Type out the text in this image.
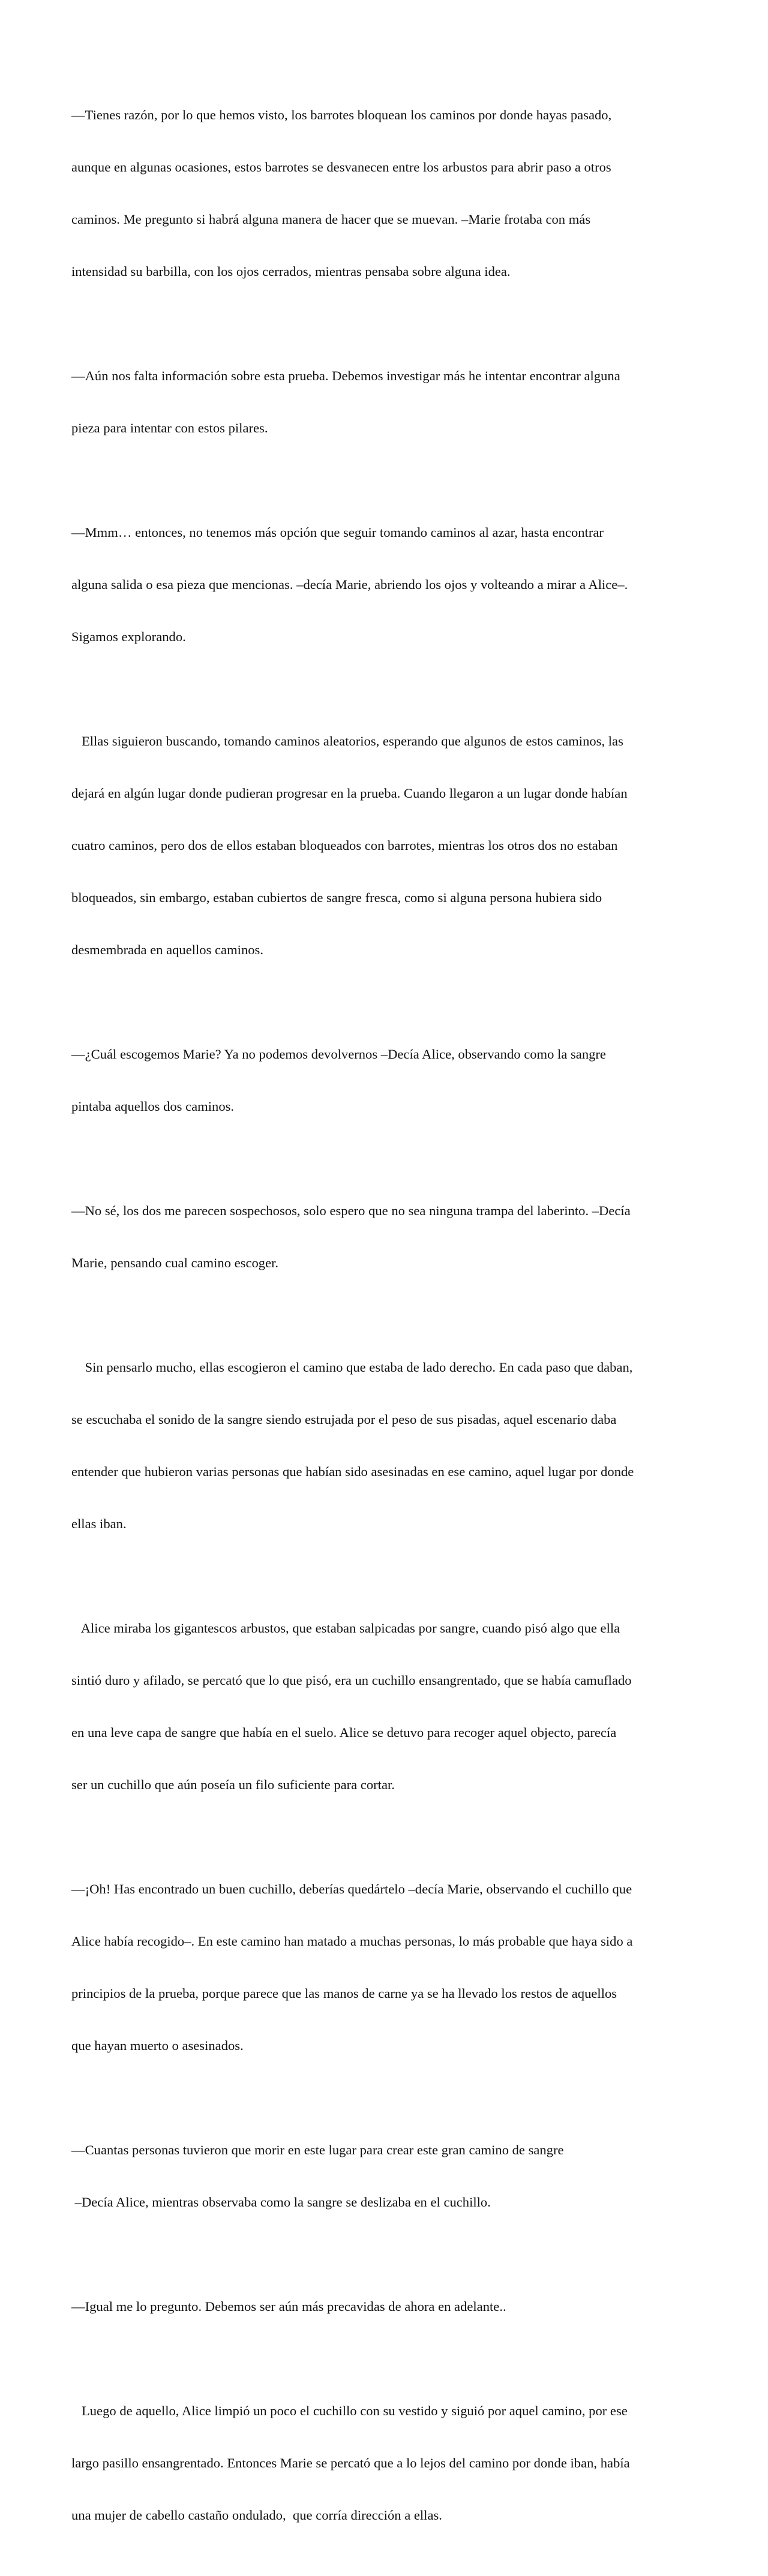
—Tienes razón, por lo que hemos visto, los barrotes bloquean los caminos por donde hayas pasado,

aunque en algunas ocasiones, estos barrotes se desvanecen entre los arbustos para abrir paso a otros

caminos. Me pregunto si habrá alguna manera de hacer que se muevan. –Marie frotaba con más

intensidad su barbilla, con los ojos cerrados, mientras pensaba sobre alguna idea.

—Aún nos falta información sobre esta prueba. Debemos investigar más he intentar encontrar alguna

pieza para intentar con estos pilares.

—Mmm… entonces, no tenemos más opción que seguir tomando caminos al azar, hasta encontrar

alguna salida o esa pieza que mencionas. –decía Marie, abriendo los ojos y volteando a mirar a Alice–.

Sigamos explorando.

Ellas siguieron buscando, tomando caminos aleatorios, esperando que algunos de estos caminos, las

dejará en algún lugar donde pudieran progresar en la prueba. Cuando llegaron a un lugar donde habían

cuatro caminos, pero dos de ellos estaban bloqueados con barrotes, mientras los otros dos no estaban

bloqueados, sin embargo, estaban cubiertos de sangre fresca, como si alguna persona hubiera sido

desmembrada en aquellos caminos.

—¿Cuál escogemos Marie? Ya no podemos devolvernos –Decía Alice, observando como la sangre

pintaba aquellos dos caminos.

—No sé, los dos me parecen sospechosos, solo espero que no sea ninguna trampa del laberinto. –Decía

Marie, pensando cual camino escoger.

Sin pensarlo mucho, ellas escogieron el camino que estaba de lado derecho. En cada paso que daban,

se escuchaba el sonido de la sangre siendo estrujada por el peso de sus pisadas, aquel escenario daba

entender que hubieron varias personas que habían sido asesinadas en ese camino, aquel lugar por donde

ellas iban.

Alice miraba los gigantescos arbustos, que estaban salpicadas por sangre, cuando pisó algo que ella

sintió duro y afilado, se percató que lo que pisó, era un cuchillo ensangrentado, que se había camuflado

en una leve capa de sangre que había en el suelo. Alice se detuvo para recoger aquel objecto, parecía

ser un cuchillo que aún poseía un filo suficiente para cortar.

—¡Oh! Has encontrado un buen cuchillo, deberías quedártelo –decía Marie, observando el cuchillo que

Alice había recogido–. En este camino han matado a muchas personas, lo más probable que haya sido a

principios de la prueba, porque parece que las manos de carne ya se ha llevado los restos de aquellos

que hayan muerto o asesinados.

—Cuantas personas tuvieron que morir en este lugar para crear este gran camino de sangre

–Decía Alice, mientras observaba como la sangre se deslizaba en el cuchillo.

—Igual me lo pregunto. Debemos ser aún más precavidas de ahora en adelante..

Luego de aquello, Alice limpió un poco el cuchillo con su vestido y siguió por aquel camino, por ese

largo pasillo ensangrentado. Entonces Marie se percató que a lo lejos del camino por donde iban, había

una mujer de cabello castaño ondulado,  que corría dirección a ellas.
